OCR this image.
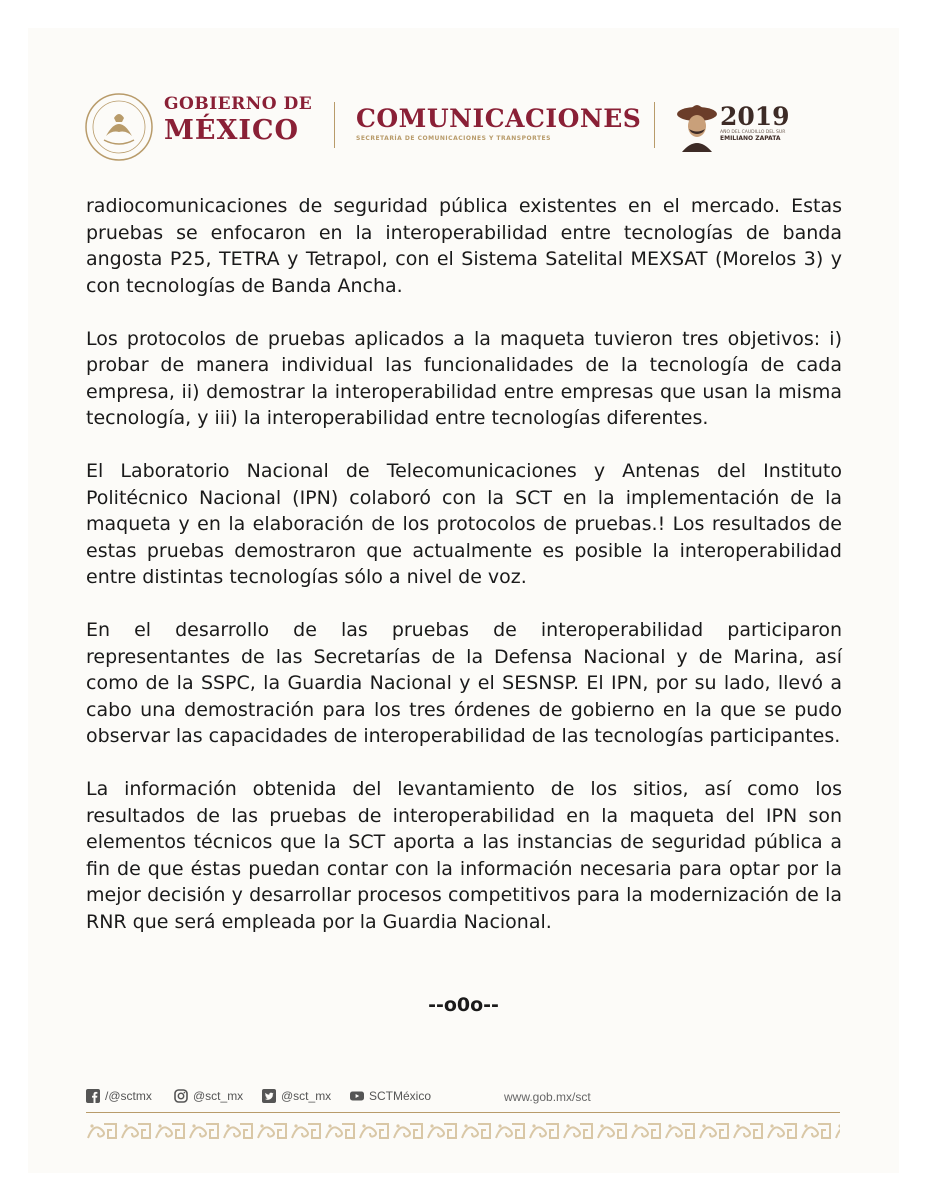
GOBIERNO DE
MÉXICO	COMUNICACIONES
SECRETARÍA DE COMUNICACIONES Y TRANSPORTES
2019
AÑO DEL CAUDILLO DEL SUR
EMILIANO ZAPATA

radiocomunicaciones de seguridad pública existentes en el mercado. Estas pruebas se enfocaron en la interoperabilidad entre tecnologías de banda angosta P25, TETRA y Tetrapol, con el Sistema Satelital MEXSAT (Morelos 3) y con tecnologías de Banda Ancha.

Los protocolos de pruebas aplicados a la maqueta tuvieron tres objetivos: i) probar de manera individual las funcionalidades de la tecnología de cada empresa, ii) demostrar la interoperabilidad entre empresas que usan la misma tecnología, y iii) la interoperabilidad entre tecnologías diferentes.

El Laboratorio Nacional de Telecomunicaciones y Antenas del Instituto Politécnico Nacional (IPN) colaboró con la SCT en la implementación de la maqueta y en la elaboración de los protocolos de pruebas.! Los resultados de estas pruebas demostraron que actualmente es posible la interoperabilidad entre distintas tecnologías sólo a nivel de voz.

En el desarrollo de las pruebas de interoperabilidad participaron representantes de las Secretarías de la Defensa Nacional y de Marina, así como de la SSPC, la Guardia Nacional y el SESNSP. El IPN, por su lado, llevó a cabo una demostración para los tres órdenes de gobierno en la que se pudo observar las capacidades de interoperabilidad de las tecnologías participantes.

La información obtenida del levantamiento de los sitios, así como los resultados de las pruebas de interoperabilidad en la maqueta del IPN son elementos técnicos que la SCT aporta a las instancias de seguridad pública a fin de que éstas puedan contar con la información necesaria para optar por la mejor decisión y desarrollar procesos competitivos para la modernización de la RNR que será empleada por la Guardia Nacional.

--o0o--
/@sctmx	@sct_mx	@sct_mx	SCTMéxico	www.gob.mx/sct
